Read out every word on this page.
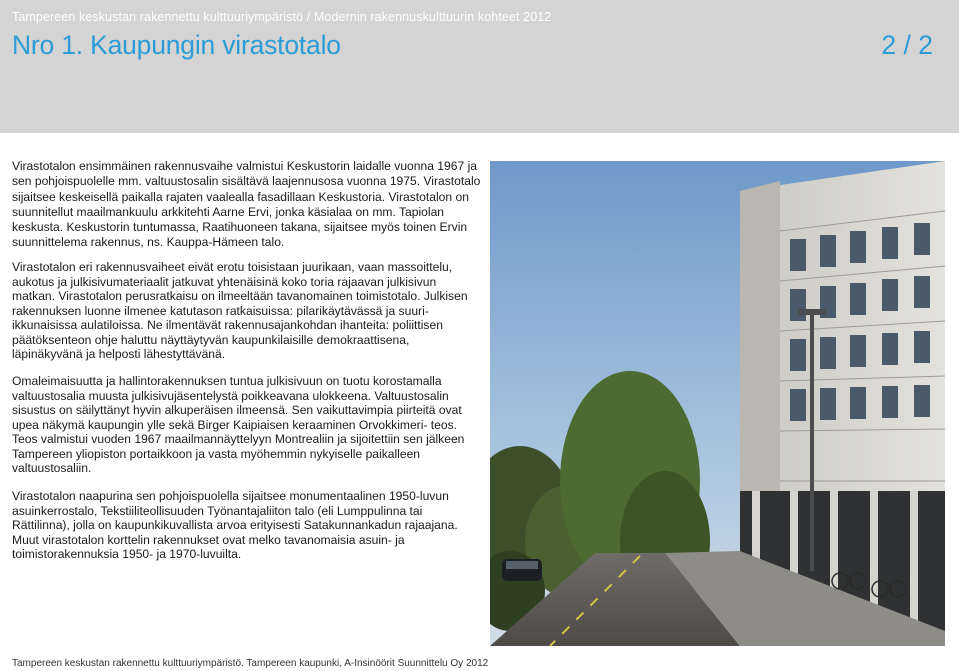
Tampereen keskustan rakennettu kulttuuriympäristö / Modernin rakennuskulttuurin kohteet 2012
Nro 1. Kaupungin virastotalo	2 / 2
Virastotalon ensimmäinen rakennusvaihe valmistui Keskustorin laidalle vuonna 1967 ja sen pohjoispuolelle mm. valtuustosalin sisältävä laajennusosa vuonna 1975. Virastotalo sijaitsee keskeisellä paikalla rajaten vaalealla fasadillaan Keskustoria. Virastotalon on suunnitellut maailmankuulu arkkitehti Aarne Ervi, jonka käsialaa on mm. Tapiolan keskusta. Keskustorin tuntumassa, Raatihuoneen takana, sijaitsee myös toinen Ervin suunnittelema rakennus, ns. Kauppa-Hämeen talo.
Virastotalon eri rakennusvaiheet eivät erotu toisistaan juurikaan, vaan massoittelu, aukotus ja julkisivumateriaalit jatkuvat yhtenäisinä koko toria rajaavan julkisivun matkan. Virastotalon perusratkaisu on ilmeeltään tavanomainen toimistotalo. Julkisen rakennuksen luonne ilmenee katutason ratkaisuissa: pilarikäytävässä ja suuri-ikkunaisissa aulatiloissa. Ne ilmentävät rakennusajankohdan ihanteita: poliittisen päätöksenteon ohje haluttu näyttäytyvän kaupunkilaisille demokraattisena, läpinäkyvänä ja helposti lähestyttävänä.
Omaleimaisuutta ja hallintorakennuksen tuntua julkisivuun on tuotu korostamalla valtuustosalia muusta julkisivujäsentelystä poikkeavana ulokkeena. Valtuustosalin sisustus on säilyttänyt hyvin alkuperäisen ilmeensä. Sen vaikuttavimpia piirteitä ovat upea näkymä kaupungin ylle sekä Birger Kaipiaisen keraaminen Orvokkimeri- teos. Teos valmistui vuoden 1967 maailmannäyttelyyn Montrealiin ja sijoitettiin sen jälkeen Tampereen yliopiston portaikkoon ja vasta myöhemmin nykyiselle paikalleen valtuustosaliin.
Virastotalon naapurina sen pohjoispuolella sijaitsee monumentaalinen 1950-luvun asuinkerrostalo, Tekstiiliteollisuuden Työnantajaliiton talo (eli Lumppulinna tai Rättilinna), jolla on kaupunkikuvallista arvoa erityisesti Satakunnankadun rajaajana. Muut virastotalon korttelin rakennukset ovat melko tavanomaisia asuin- ja toimistorakennuksia 1950- ja 1970-luvuilta.
Tampereen keskustan rakennettu kulttuuriympäristö. Tampereen kaupunki, A-Insinöörit Suunnittelu Oy 2012
